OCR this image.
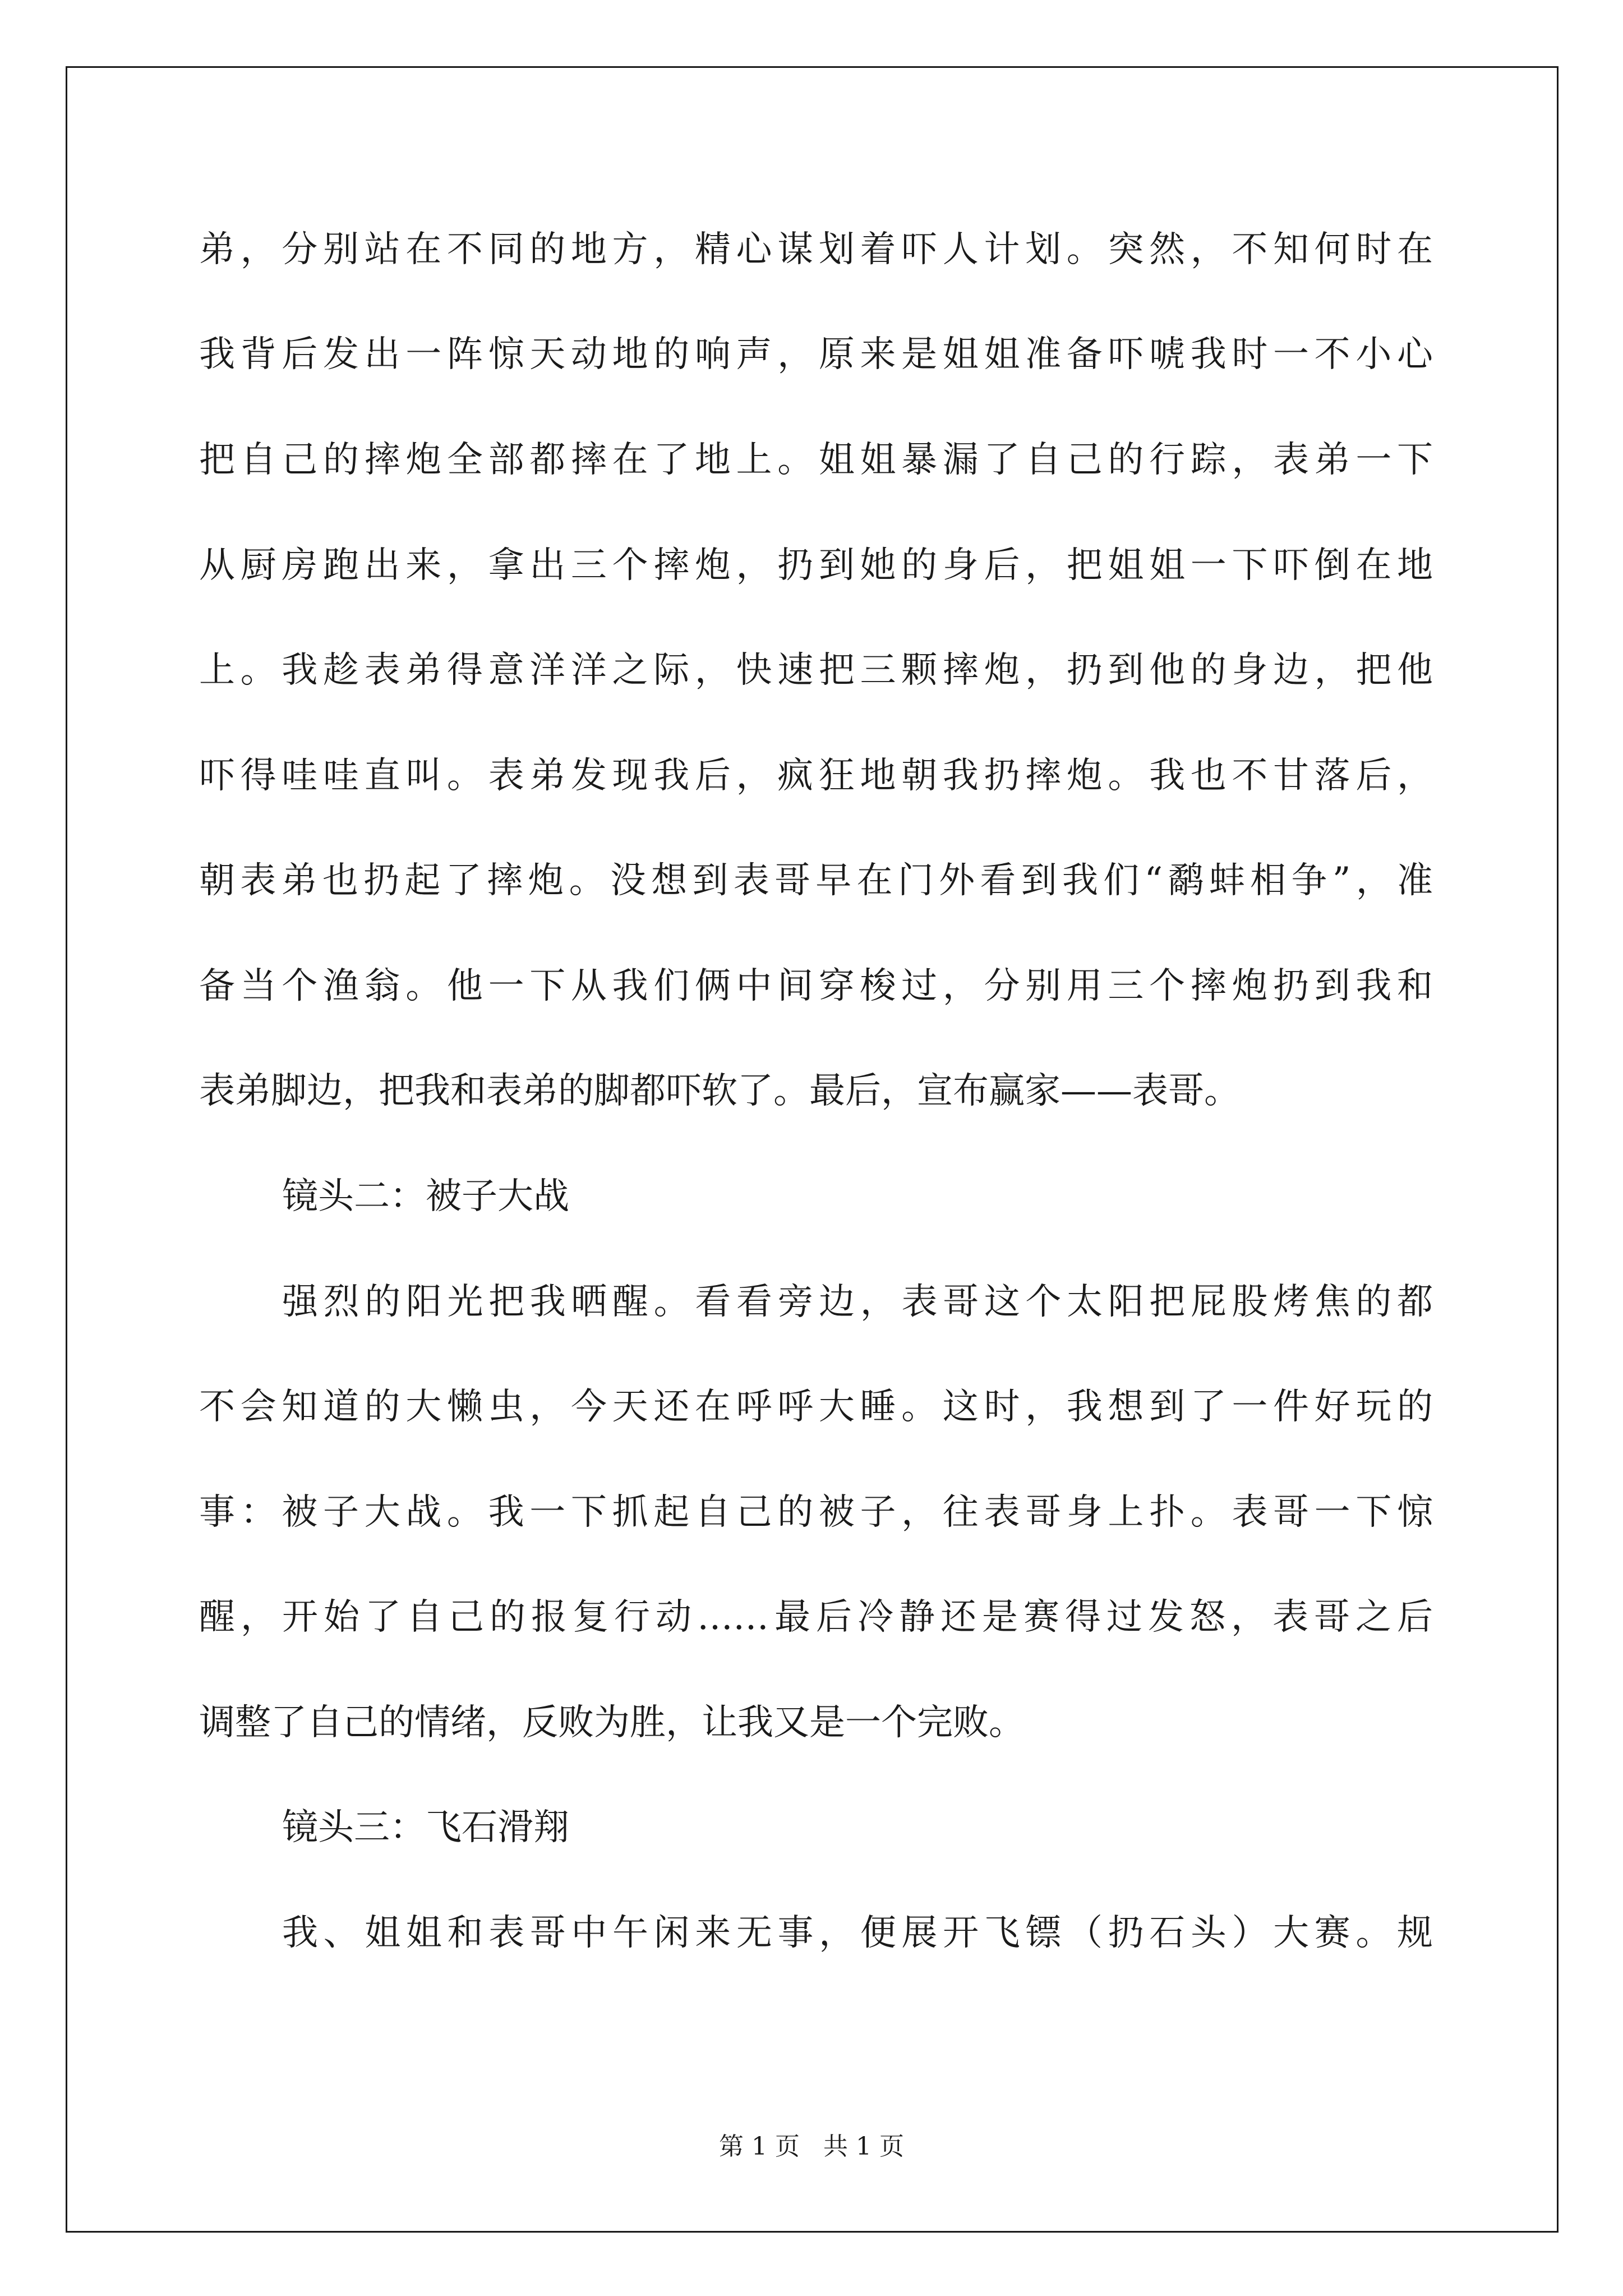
弟，分别站在不同的地方，精心谋划着吓人计划。突然，不知何时在
我背后发出一阵惊天动地的响声，原来是姐姐准备吓唬我时一不小心
把自己的摔炮全部都摔在了地上。姐姐暴漏了自己的行踪，表弟一下
从厨房跑出来，拿出三个摔炮，扔到她的身后，把姐姐一下吓倒在地
上。我趁表弟得意洋洋之际，快速把三颗摔炮，扔到他的身边，把他
吓得哇哇直叫。表弟发现我后，疯狂地朝我扔摔炮。我也不甘落后，
朝表弟也扔起了摔炮。没想到表哥早在门外看到我们“鹬蚌相争”，准
备当个渔翁。他一下从我们俩中间穿梭过，分别用三个摔炮扔到我和
表弟脚边，把我和表弟的脚都吓软了。最后，宣布赢家——表哥。
镜头二：被子大战
强烈的阳光把我晒醒。看看旁边，表哥这个太阳把屁股烤焦的都
不会知道的大懒虫，今天还在呼呼大睡。这时，我想到了一件好玩的
事：被子大战。我一下抓起自己的被子，往表哥身上扑。表哥一下惊
醒，开始了自己的报复行动……最后冷静还是赛得过发怒，表哥之后
调整了自己的情绪，反败为胜，让我又是一个完败。
镜头三：飞石滑翔
我、姐姐和表哥中午闲来无事，便展开飞镖（扔石头）大赛。规
第 1 页 共 1 页
